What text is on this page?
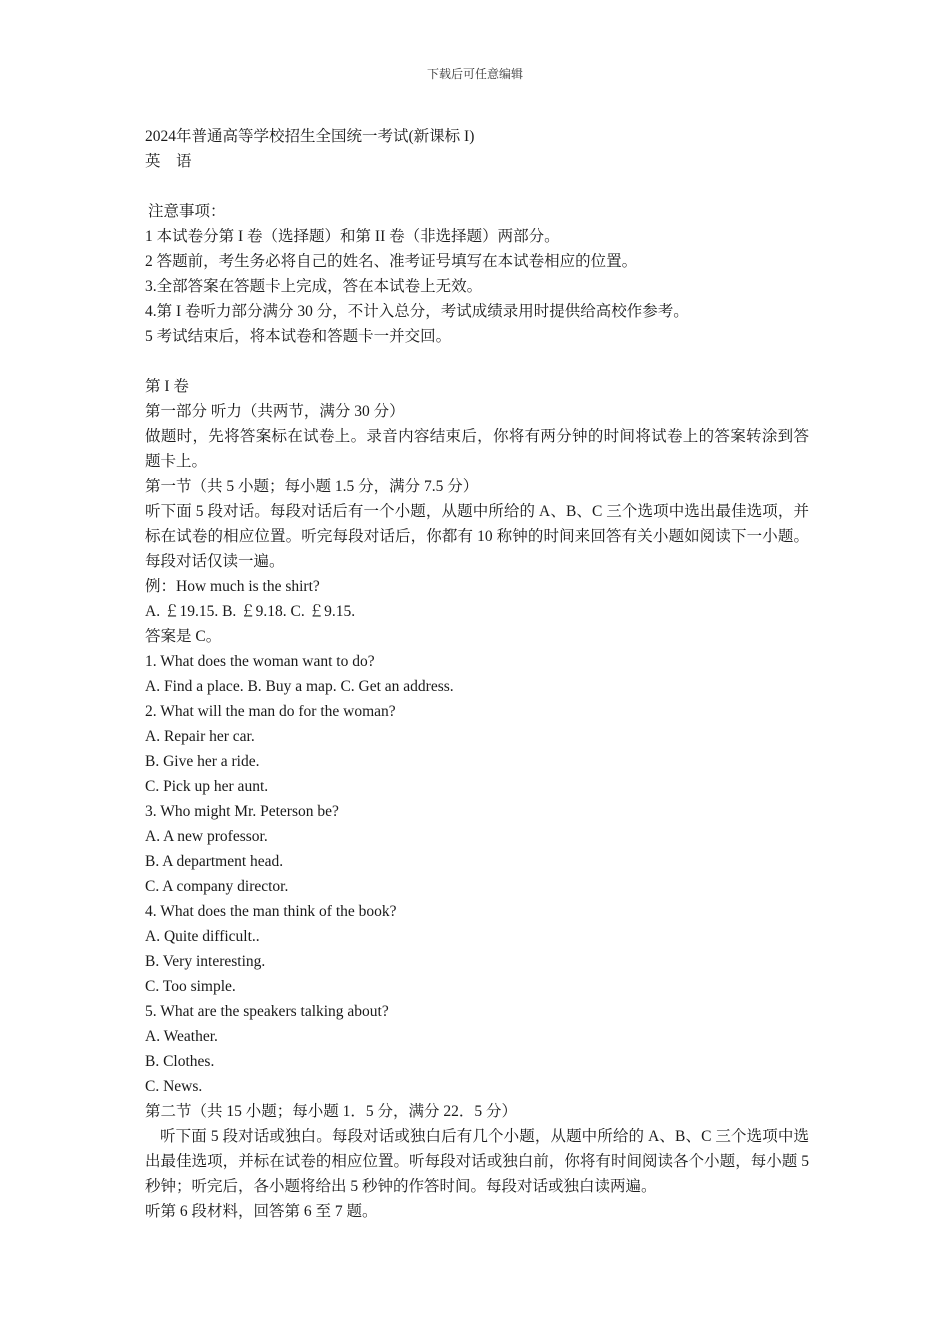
下载后可任意编辑

2024年普通高等学校招生全国统一考试(新课标 I)

英　语

注意事项：

1 本试卷分第 I 卷（选择题）和第 II 卷（非选择题）两部分。

2 答题前，考生务必将自己的姓名、准考证号填写在本试卷相应的位置。

3.全部答案在答题卡上完成，答在本试卷上无效。

4.第 I 卷听力部分满分 30 分，不计入总分，考试成绩录用时提供给高校作参考。

5 考试结束后，将本试卷和答题卡一并交回。

第 I 卷

第一部分 听力（共两节，满分 30 分）

做题时，先将答案标在试卷上。录音内容结束后，你将有两分钟的时间将试卷上的答案转涂到答题卡上。

第一节（共 5 小题；每小题 1.5 分，满分 7.5 分）

听下面 5 段对话。每段对话后有一个小题，从题中所给的 A、B、C 三个选项中选出最佳选项，并标在试卷的相应位置。听完每段对话后，你都有 10 称钟的时间来回答有关小题如阅读下一小题。每段对话仅读一遍。

例：How much is the shirt?

A. ￡19.15. B. ￡9.18. C. ￡9.15.

答案是 C。

1. What does the woman want to do?

A. Find a place. B. Buy a map. C. Get an address.

2. What will the man do for the woman?

A. Repair her car.

B. Give her a ride.

C. Pick up her aunt.

3. Who might Mr. Peterson be?

A. A new professor.

B. A department head.

C. A company director.

4. What does the man think of the book?

A. Quite difficult..

B. Very interesting.

C. Too simple.

5. What are the speakers talking about?

A. Weather.

B. Clothes.

C. News.

第二节（共 15 小题；每小题 1．5 分，满分 22．5 分）

听下面 5 段对话或独白。每段对话或独白后有几个小题，从题中所给的 A、B、C 三个选项中选出最佳选项，并标在试卷的相应位置。听每段对话或独白前，你将有时间阅读各个小题，每小题 5 秒钟；听完后，各小题将给出 5 秒钟的作答时间。每段对话或独白读两遍。

听第 6 段材料，回答第 6 至 7 题。
